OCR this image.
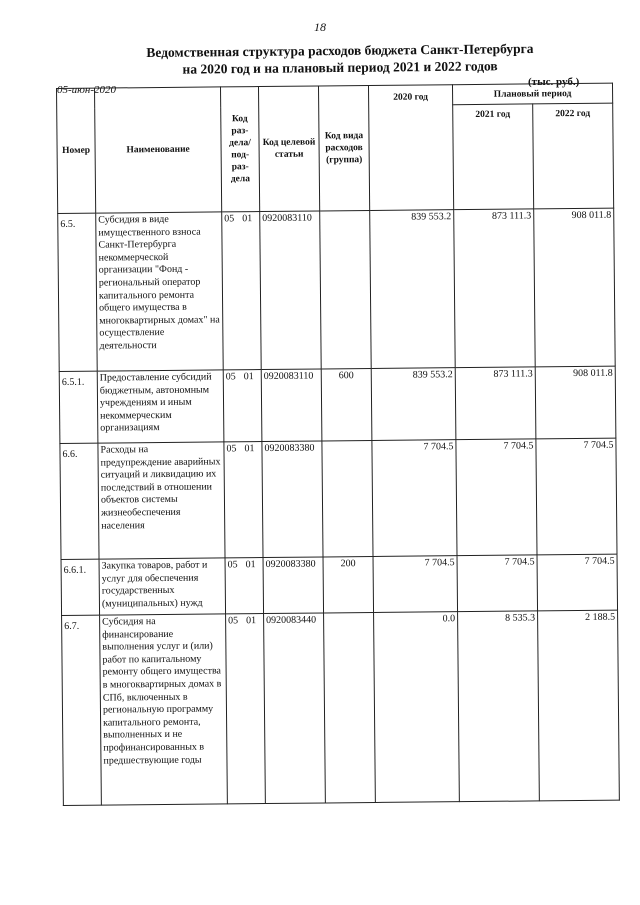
18
Ведомственная структура расходов бюджета Санкт-Петербурга
на 2020 год и на плановый период 2021 и 2022 годов
05-июн-2020
(тыс. руб.)
Номер	Наименование	Код раз-дела/ под-раз-дела	Код целевой статьи	Код вида расходов (группа)	2020 год	Плановый период	
						2021 год	2022 год
6.5.	Субсидия в виде имущественного взноса Санкт-Петербурга некоммерческой организации "Фонд - региональный оператор капитального ремонта общего имущества в многоквартирных домах" на осуществление деятельности	05 01	0920083110		839 553.2	873 111.3	908 011.8
6.5.1.	Предоставление субсидий бюджетным, автономным учреждениям и иным некоммерческим организациям	05 01	0920083110	600	839 553.2	873 111.3	908 011.8
6.6.	Расходы на предупреждение аварийных ситуаций и ликвидацию их последствий в отношении объектов системы жизнеобеспечения населения	05 01	0920083380		7 704.5	7 704.5	7 704.5
6.6.1.	Закупка товаров, работ и услуг для обеспечения государственных (муниципальных) нужд	05 01	0920083380	200	7 704.5	7 704.5	7 704.5
6.7.	Субсидия на финансирование выполнения услуг и (или) работ по капитальному ремонту общего имущества в многоквартирных домах в СПб, включенных в региональную программу капитального ремонта, выполненных и не профинансированных в предшествующие годы	05 01	0920083440		0.0	8 535.3	2 188.5
